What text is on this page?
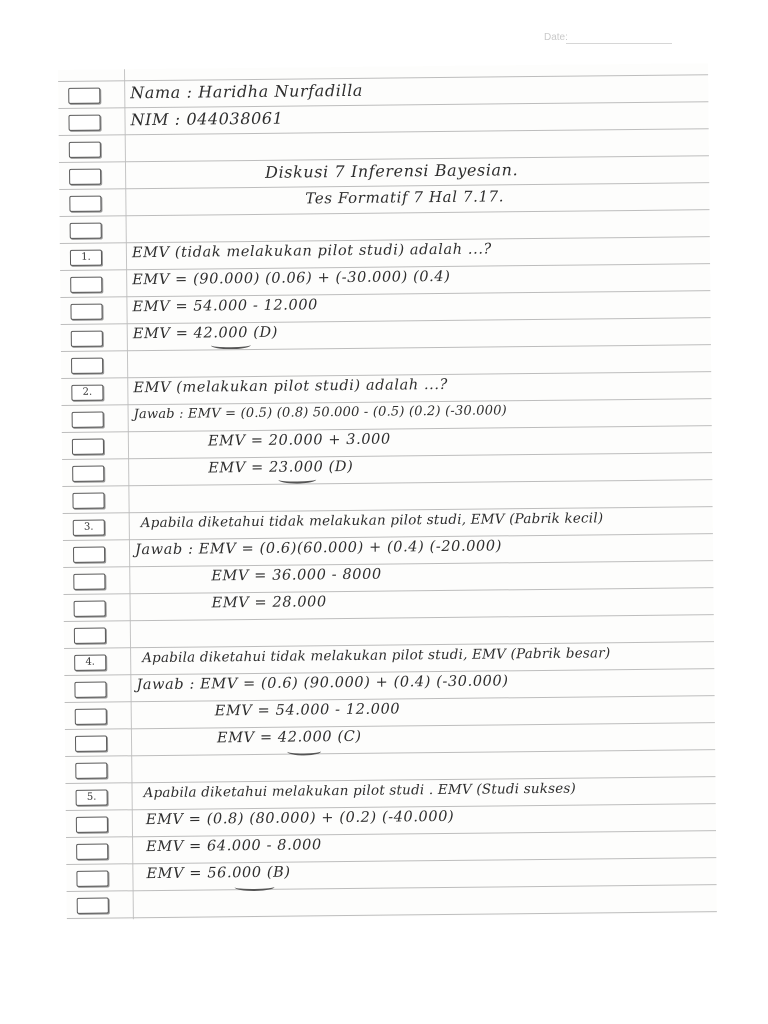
Date:
Nama : Haridha Nurfadilla
NIM : 044038061
Diskusi 7 Inferensi Bayesian.
Tes Formatif 7 Hal 7.17.
1.	EMV (tidak melakukan pilot studi) adalah ...?
EMV = (90.000) (0.06) + (-30.000) (0.4)
EMV = 54.000 - 12.000
EMV = 42.000 (D)
2.	EMV (melakukan pilot studi) adalah ...?
Jawab : EMV = (0.5) (0.8) 50.000 - (0.5) (0.2) (-30.000)
EMV = 20.000 + 3.000
EMV = 23.000 (D)
3.	Apabila diketahui tidak melakukan pilot studi, EMV (Pabrik kecil)
Jawab : EMV = (0.6)(60.000) + (0.4) (-20.000)
EMV = 36.000 - 8000
EMV = 28.000
4.	Apabila diketahui tidak melakukan pilot studi, EMV (Pabrik besar)
Jawab : EMV = (0.6) (90.000) + (0.4) (-30.000)
EMV = 54.000 - 12.000
EMV = 42.000 (C)
5.	Apabila diketahui melakukan pilot studi . EMV (Studi sukses)
EMV = (0.8) (80.000) + (0.2) (-40.000)
EMV = 64.000 - 8.000
EMV = 56.000 (B)
